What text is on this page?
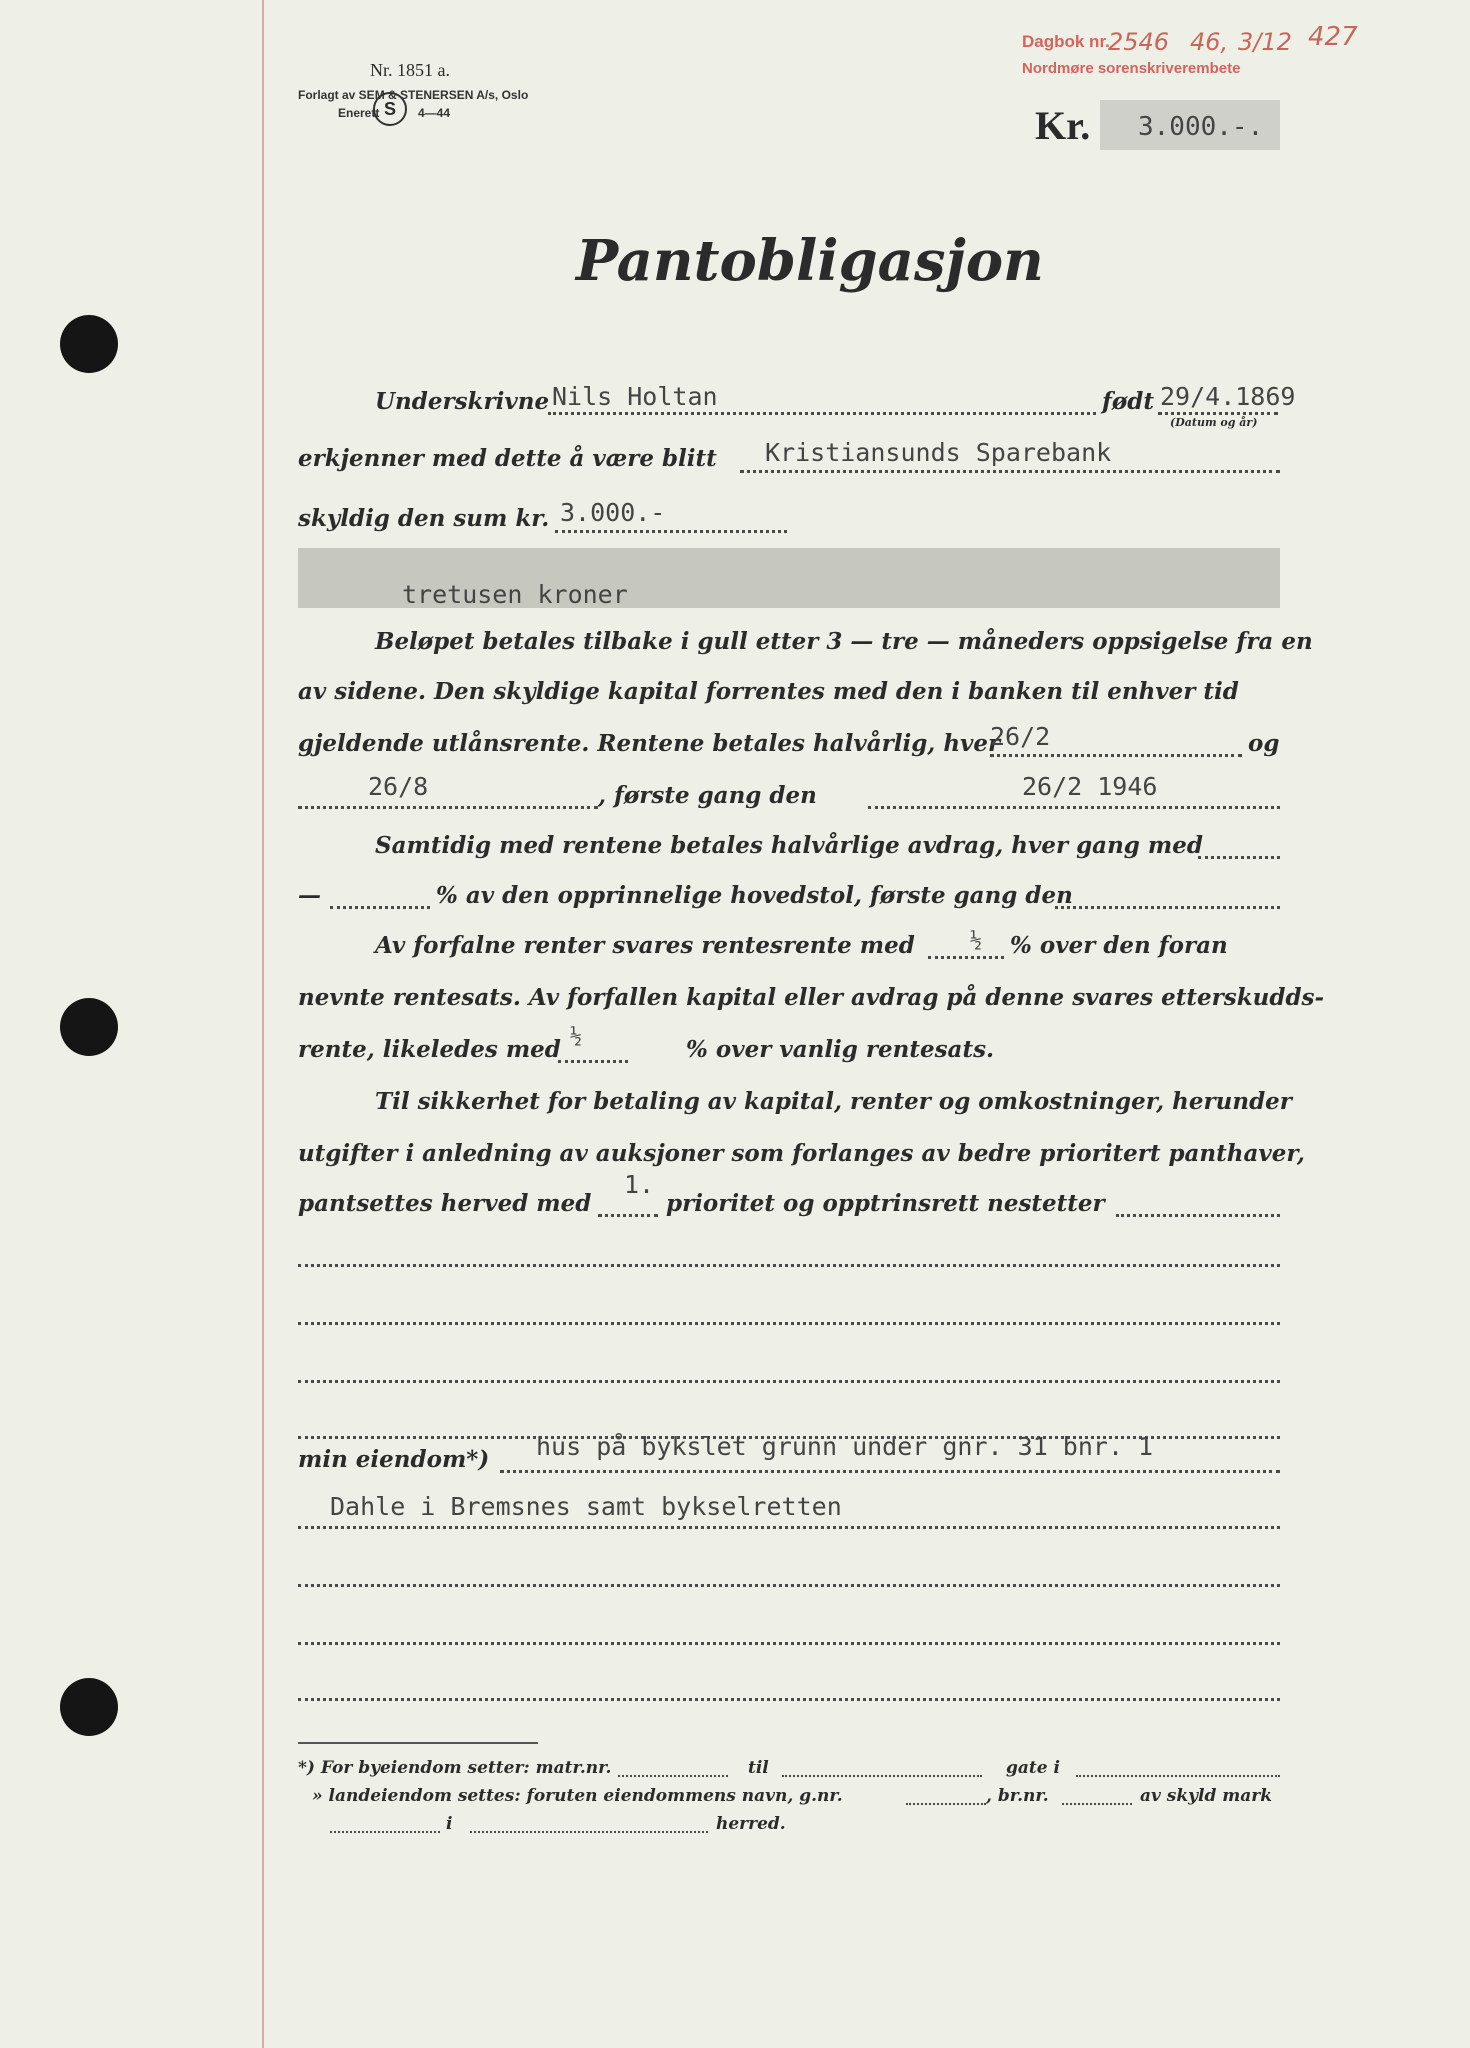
Dagbok nr.
2546 46, 3/12 427
Nordmøre sorenskriverembete
Nr. 1851 a.
Forlagt av SEM & STENERSEN A/s, Oslo
Enerett S	4—44	Kr. 3.000.-.
Pantobligasjon
Underskrivne Nils Holtan	født 29/4.1869
(Datum og år)
erkjenner med dette å være blitt Kristiansunds Sparebank
skyldig den sum kr. 3.000.-
tretusen kroner
Beløpet betales tilbake i gull etter 3 — tre — måneders oppsigelse fra en
av sidene. Den skyldige kapital forrentes med den i banken til enhver tid
gjeldende utlånsrente. Rentene betales halvårlig, hver
26/2	og
26/8	, første gang den	26/2 1946
Samtidig med rentene betales halvårlige avdrag, hver gang med
—	% av den opprinnelige hovedstol, første gang den
Av forfalne renter svares rentesrente med	½ % over den foran
nevnte rentesats. Av forfallen kapital eller avdrag på denne svares etterskudds-
rente, likeledes med ½	% over vanlig rentesats.
Til sikkerhet for betaling av kapital, renter og omkostninger, herunder
utgifter i anledning av auksjoner som forlanges av bedre prioritert panthaver,
pantsettes herved med
1.
prioritet og opptrinsrett nestetter
min eiendom*) hus på bykslet grunn under gnr. 31 bnr. 1
Dahle i Bremsnes samt bykselretten
*) For byeiendom setter: matr.nr.	til	gate i
» landeiendom settes: foruten eiendommens navn, g.nr.	, br.nr.	av skyld mark
i	herred.
